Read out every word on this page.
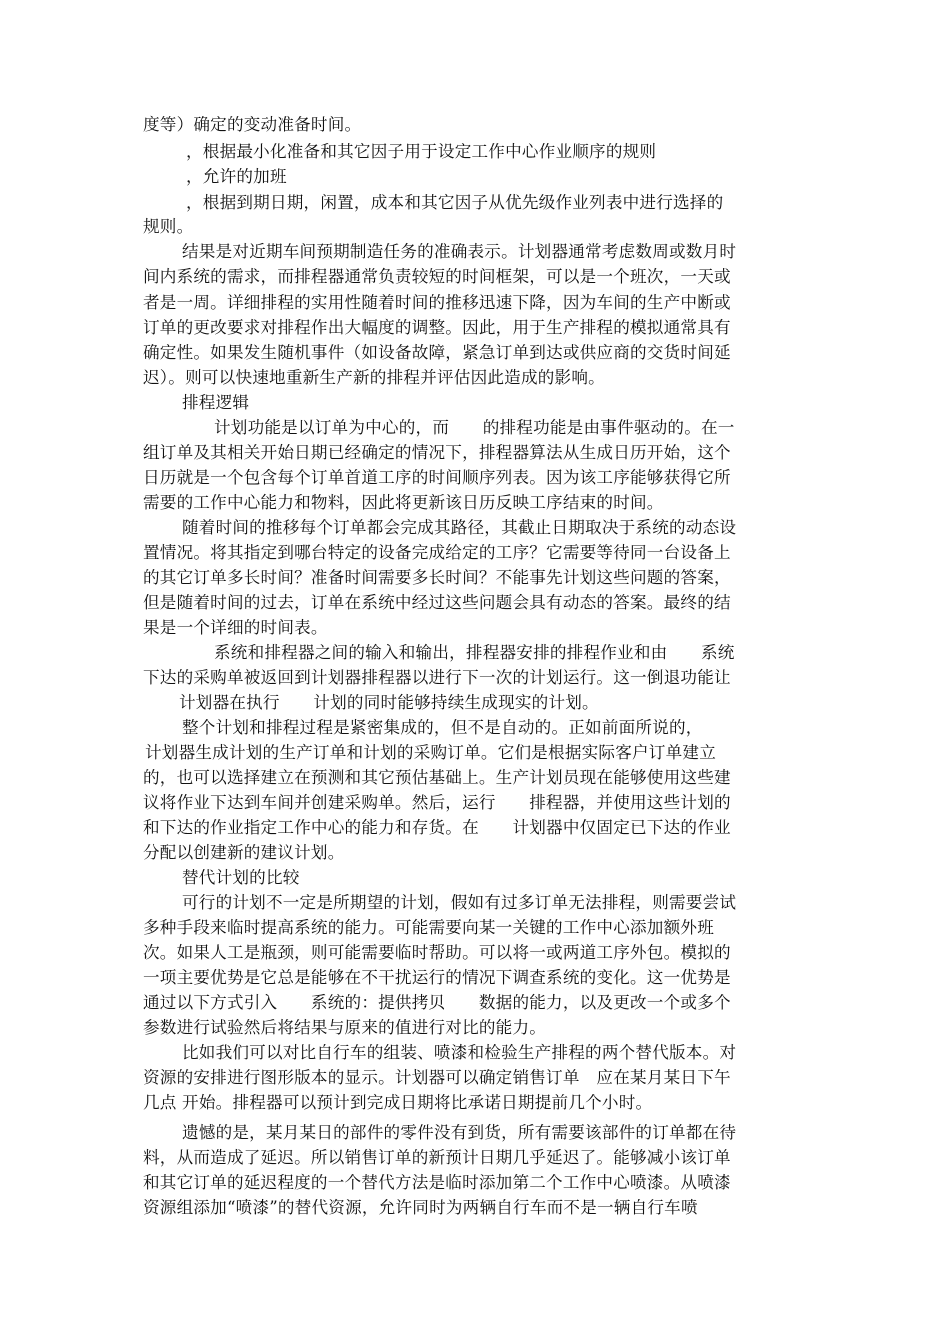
度等）确定的变动准备时间。
，根据最小化准备和其它因子用于设定工作中心作业顺序的规则
，允许的加班
，根据到期日期，闲置，成本和其它因子从优先级作业列表中进行选择的
规则。
结果是对近期车间预期制造任务的准确表示。计划器通常考虑数周或数月时
间内系统的需求，而排程器通常负责较短的时间框架，可以是一个班次，一天或
者是一周。详细排程的实用性随着时间的推移迅速下降，因为车间的生产中断或
订单的更改要求对排程作出大幅度的调整。因此，用于生产排程的模拟通常具有
确定性。如果发生随机事件（如设备故障，紧急订单到达或供应商的交货时间延
迟）。则可以快速地重新生产新的排程并评估因此造成的影响。
排程逻辑
计划功能是以订单为中心的，而　　的排程功能是由事件驱动的。在一
组订单及其相关开始日期已经确定的情况下，排程器算法从生成日历开始，这个
日历就是一个包含每个订单首道工序的时间顺序列表。因为该工序能够获得它所
需要的工作中心能力和物料，因此将更新该日历反映工序结束的时间。
随着时间的推移每个订单都会完成其路径，其截止日期取决于系统的动态设
置情况。将其指定到哪台特定的设备完成给定的工序？它需要等待同一台设备上
的其它订单多长时间？准备时间需要多长时间？不能事先计划这些问题的答案，
但是随着时间的过去，订单在系统中经过这些问题会具有动态的答案。最终的结
果是一个详细的时间表。
系统和排程器之间的输入和输出，排程器安排的排程作业和由　　系统
下达的采购单被返回到计划器排程器以进行下一次的计划运行。这一倒退功能让
计划器在执行　　计划的同时能够持续生成现实的计划。
整个计划和排程过程是紧密集成的，但不是自动的。正如前面所说的，
计划器生成计划的生产订单和计划的采购订单。它们是根据实际客户订单建立
的，也可以选择建立在预测和其它预估基础上。生产计划员现在能够使用这些建
议将作业下达到车间并创建采购单。然后，运行　　排程器，并使用这些计划的
和下达的作业指定工作中心的能力和存货。在　　计划器中仅固定已下达的作业
分配以创建新的建议计划。
替代计划的比较
可行的计划不一定是所期望的计划，假如有过多订单无法排程，则需要尝试
多种手段来临时提高系统的能力。可能需要向某一关键的工作中心添加额外班
次。如果人工是瓶颈，则可能需要临时帮助。可以将一或两道工序外包。模拟的
一项主要优势是它总是能够在不干扰运行的情况下调查系统的变化。这一优势是
通过以下方式引入　　系统的：提供拷贝　　数据的能力，以及更改一个或多个
参数进行试验然后将结果与原来的值进行对比的能力。
比如我们可以对比自行车的组装、喷漆和检验生产排程的两个替代版本。对
资源的安排进行图形版本的显示。计划器可以确定销售订单　应在某月某日下午
几点 开始。排程器可以预计到完成日期将比承诺日期提前几个小时。
遗憾的是，某月某日的部件的零件没有到货，所有需要该部件的订单都在待
料，从而造成了延迟。所以销售订单的新预计日期几乎延迟了。能够减小该订单
和其它订单的延迟程度的一个替代方法是临时添加第二个工作中心喷漆。从喷漆
资源组添加“喷漆”的替代资源，允许同时为两辆自行车而不是一辆自行车喷
